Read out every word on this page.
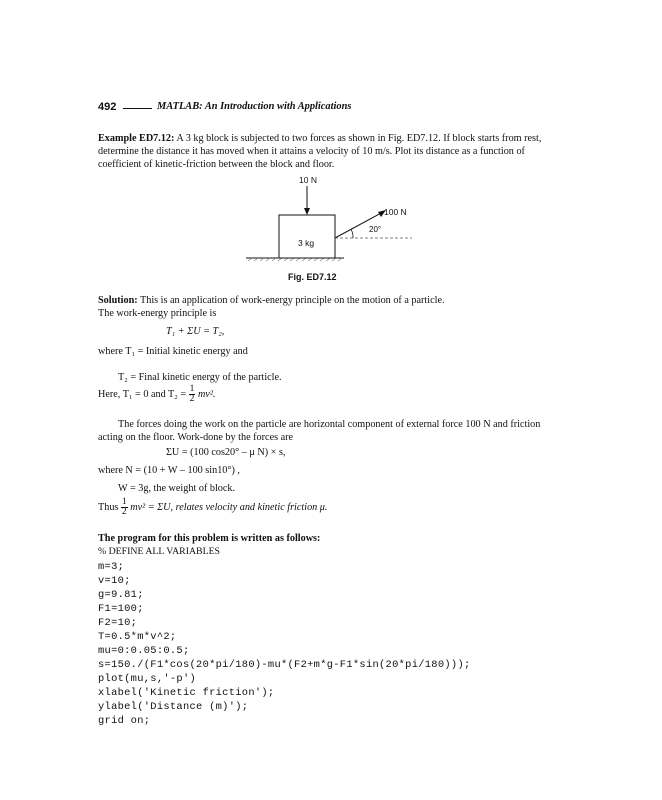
492	MATLAB: An Introduction with Applications
Example ED7.12: A 3 kg block is subjected to two forces as shown in Fig. ED7.12. If block starts from rest,
determine the distance it has moved when it attains a velocity of 10 m/s. Plot its distance as a function of
coefficient of kinetic-friction between the block and floor.
10 N
100 N
20°
3 kg
Fig. ED7.12
Solution: This is an application of work-energy principle on the motion of a particle.
The work-energy principle is
T₁ + ΣU = T₂,
where T₁ = Initial kinetic energy and
T₂ = Final kinetic energy of the particle.
Here, T₁ = 0 and $T_2 = \frac{1}{2} mv^2$.
The forces doing the work on the particle are horizontal component of external force 100 N and friction
acting on the floor. Work-done by the forces are
ΣU = (100 cos20° – μ N) × s,
where N = (10 + W – 100 sin10°) ,
W = 3g, the weight of block.
Thus $\frac{1}{2} mv^2 = \Sigma U$, relates velocity and kinetic friction μ.
The program for this problem is written as follows:
% DEFINE ALL VARIABLES
m=3;
v=10;
g=9.81;
F1=100;
F2=10;
T=0.5*m*v^2;
mu=0:0.05:0.5;
s=150./(F1*cos(20*pi/180)-mu*(F2+m*g-F1*sin(20*pi/180)));
plot(mu,s,'-p')
xlabel('Kinetic friction');
ylabel('Distance (m)');
grid on;
